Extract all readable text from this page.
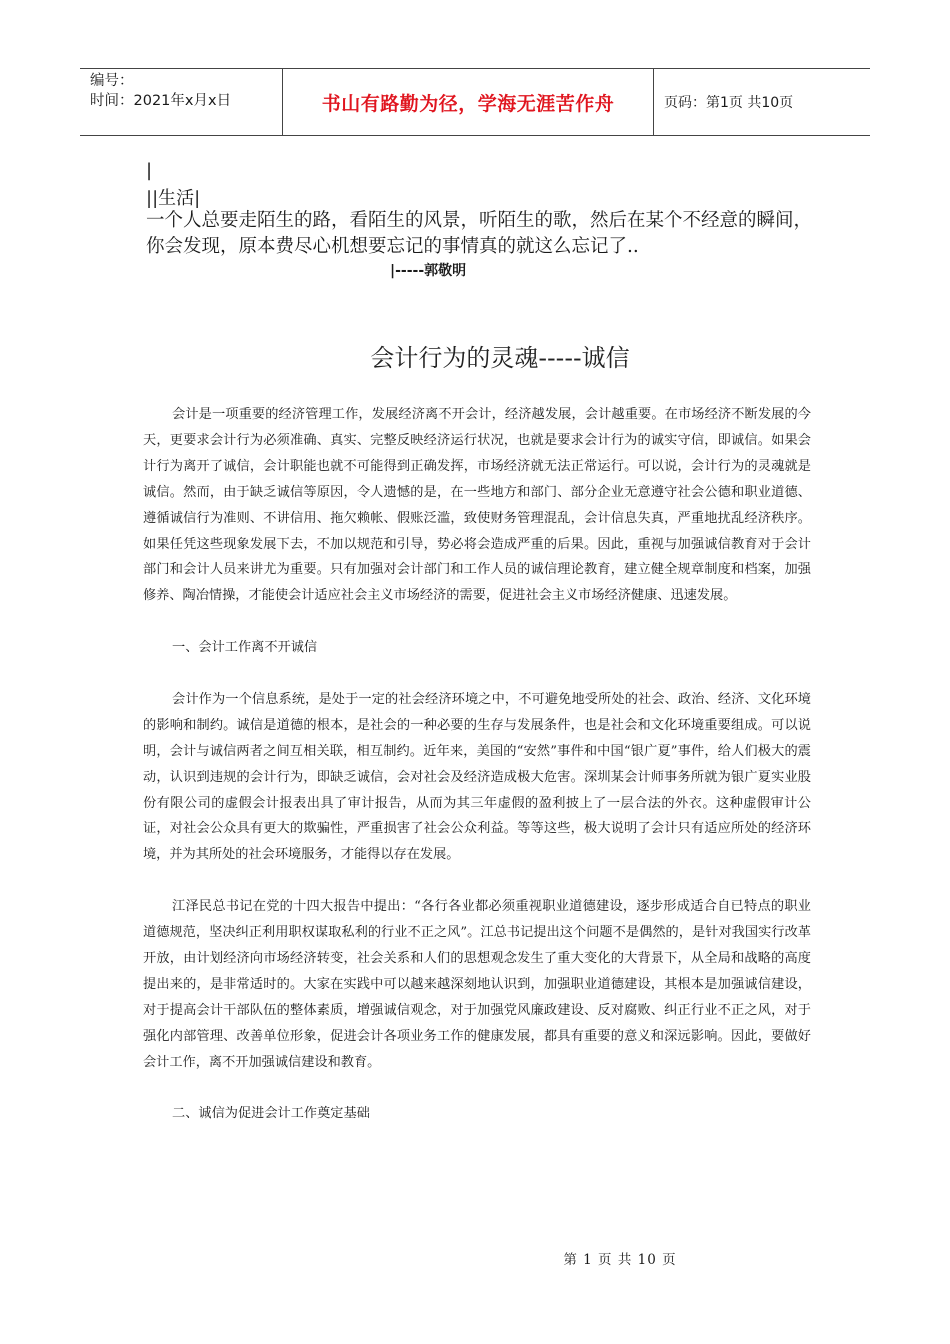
编号：
时间：2021年x月x日	书山有路勤为径，学海无涯苦作舟	页码：第1页 共10页
|
||生活|
一个人总要走陌生的路，看陌生的风景，听陌生的歌，然后在某个不经意的瞬间，你会发现，原本费尽心机想要忘记的事情真的就这么忘记了..
|-----郭敬明
会计行为的灵魂-----诚信

会计是一项重要的经济管理工作，发展经济离不开会计，经济越发展，会计越重要。在市场经济不断发展的今天，更要求会计行为必须准确、真实、完整反映经济运行状况，也就是要求会计行为的诚实守信，即诚信。如果会计行为离开了诚信，会计职能也就不可能得到正确发挥，市场经济就无法正常运行。可以说，会计行为的灵魂就是诚信。然而，由于缺乏诚信等原因，令人遗憾的是，在一些地方和部门、部分企业无意遵守社会公德和职业道德、遵循诚信行为准则、不讲信用、拖欠赖帐、假账泛滥，致使财务管理混乱，会计信息失真，严重地扰乱经济秩序。如果任凭这些现象发展下去，不加以规范和引导，势必将会造成严重的后果。因此，重视与加强诚信教育对于会计部门和会计人员来讲尤为重要。只有加强对会计部门和工作人员的诚信理论教育，建立健全规章制度和档案，加强修养、陶冶情操，才能使会计适应社会主义市场经济的需要，促进社会主义市场经济健康、迅速发展。

一、会计工作离不开诚信

会计作为一个信息系统，是处于一定的社会经济环境之中，不可避免地受所处的社会、政治、经济、文化环境的影响和制约。诚信是道德的根本，是社会的一种必要的生存与发展条件，也是社会和文化环境重要组成。可以说明，会计与诚信两者之间互相关联，相互制约。近年来，美国的“安然”事件和中国“银广夏”事件，给人们极大的震动，认识到违规的会计行为，即缺乏诚信，会对社会及经济造成极大危害。深圳某会计师事务所就为银广夏实业股份有限公司的虚假会计报表出具了审计报告，从而为其三年虚假的盈利披上了一层合法的外衣。这种虚假审计公证，对社会公众具有更大的欺骗性，严重损害了社会公众利益。等等这些，极大说明了会计只有适应所处的经济环境，并为其所处的社会环境服务，才能得以存在发展。

江泽民总书记在党的十四大报告中提出：“各行各业都必须重视职业道德建设，逐步形成适合自已特点的职业道德规范，坚决纠正利用职权谋取私利的行业不正之风”。江总书记提出这个问题不是偶然的，是针对我国实行改革开放，由计划经济向市场经济转变，社会关系和人们的思想观念发生了重大变化的大背景下，从全局和战略的高度提出来的，是非常适时的。大家在实践中可以越来越深刻地认识到，加强职业道德建设，其根本是加强诚信建设，对于提高会计干部队伍的整体素质，增强诚信观念，对于加强党风廉政建设、反对腐败、纠正行业不正之风，对于强化内部管理、改善单位形象，促进会计各项业务工作的健康发展，都具有重要的意义和深远影响。因此，要做好会计工作，离不开加强诚信建设和教育。

二、诚信为促进会计工作奠定基础

第 1 页 共 10 页
